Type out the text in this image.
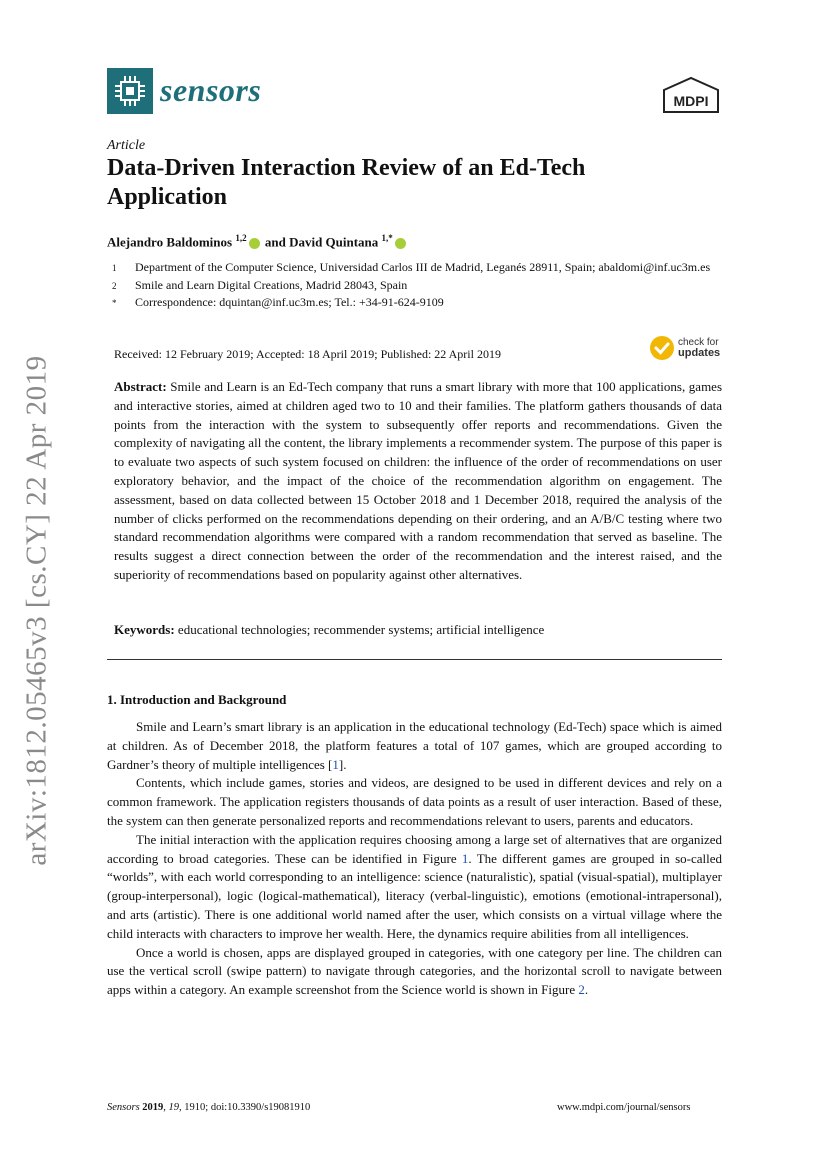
arXiv:1812.05465v3 [cs.CY] 22 Apr 2019
sensors	MDPI
Article
Data-Driven Interaction Review of an Ed-Tech Application
Alejandro Baldominos $^{1,2}$ and David Quintana $^{1,*}$
1	Department of the Computer Science, Universidad Carlos III de Madrid, Leganés 28911, Spain; abaldomi@inf.uc3m.es
2	Smile and Learn Digital Creations, Madrid 28043, Spain
*	Correspondence: dquintan@inf.uc3m.es; Tel.: +34-91-624-9109
Received: 12 February 2019; Accepted: 18 April 2019; Published: 22 April 2019
check for
updates
Abstract: Smile and Learn is an Ed-Tech company that runs a smart library with more that 100 applications, games and interactive stories, aimed at children aged two to 10 and their families. The platform gathers thousands of data points from the interaction with the system to subsequently offer reports and recommendations. Given the complexity of navigating all the content, the library implements a recommender system. The purpose of this paper is to evaluate two aspects of such system focused on children: the influence of the order of recommendations on user exploratory behavior, and the impact of the choice of the recommendation algorithm on engagement. The assessment, based on data collected between 15 October 2018 and 1 December 2018, required the analysis of the number of clicks performed on the recommendations depending on their ordering, and an A/B/C testing where two standard recommendation algorithms were compared with a random recommendation that served as baseline. The results suggest a direct connection between the order of the recommendation and the interest raised, and the superiority of recommendations based on popularity against other alternatives.
Keywords: educational technologies; recommender systems; artificial intelligence
1. Introduction and Background

Smile and Learn’s smart library is an application in the educational technology (Ed-Tech) space which is aimed at children. As of December 2018, the platform features a total of 107 games, which are grouped according to Gardner’s theory of multiple intelligences [1].

Contents, which include games, stories and videos, are designed to be used in different devices and rely on a common framework. The application registers thousands of data points as a result of user interaction. Based of these, the system can then generate personalized reports and recommendations relevant to users, parents and educators.

The initial interaction with the application requires choosing among a large set of alternatives that are organized according to broad categories. These can be identified in Figure 1. The different games are grouped in so-called “worlds”, with each world corresponding to an intelligence: science (naturalistic), spatial (visual-spatial), multiplayer (group-interpersonal), logic (logical-mathematical), literacy (verbal-linguistic), emotions (emotional-intrapersonal), and arts (artistic). There is one additional world named after the user, which consists on a virtual village where the child interacts with characters to improve her wealth. Here, the dynamics require abilities from all intelligences.

Once a world is chosen, apps are displayed grouped in categories, with one category per line. The children can use the vertical scroll (swipe pattern) to navigate through categories, and the horizontal scroll to navigate between apps within a category. An example screenshot from the Science world is shown in Figure 2.

Sensors 2019, 19, 1910; doi:10.3390/s19081910	www.mdpi.com/journal/sensors
